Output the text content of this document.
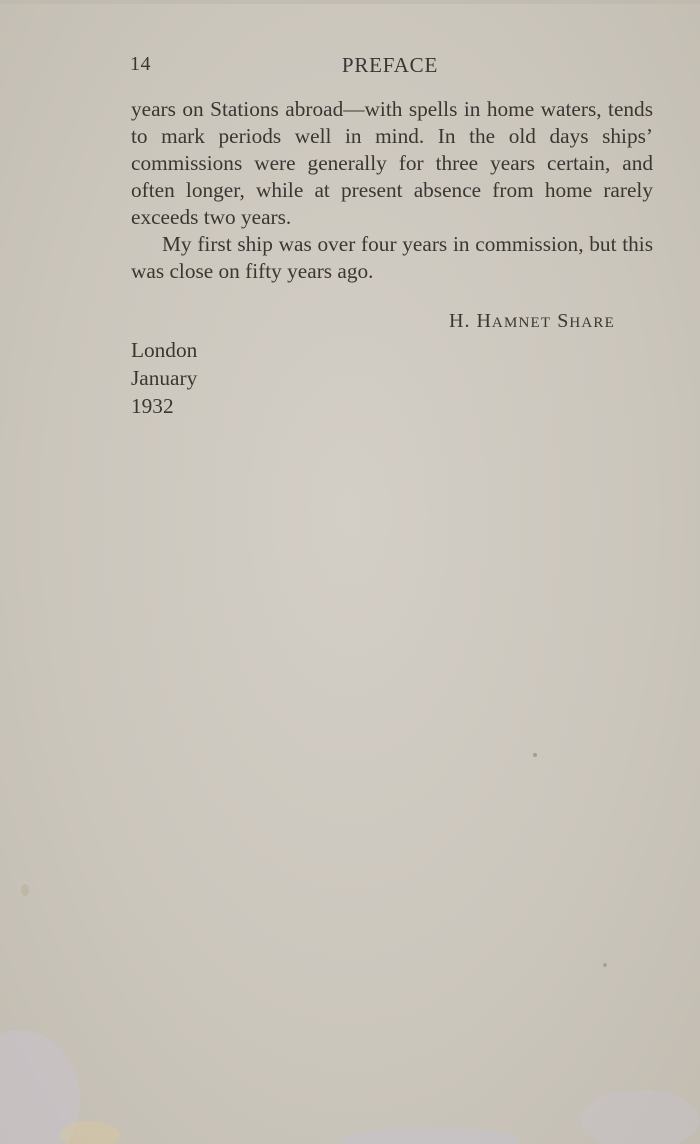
14	PREFACE

years on Stations abroad—with spells in home waters, tends to mark periods well in mind. In the old days ships’ commissions were generally for three years certain, and often longer, while at present absence from home rarely exceeds two years.

My first ship was over four years in commission, but this was close on fifty years ago.

H. HAMNET SHARE
London
January
1932
